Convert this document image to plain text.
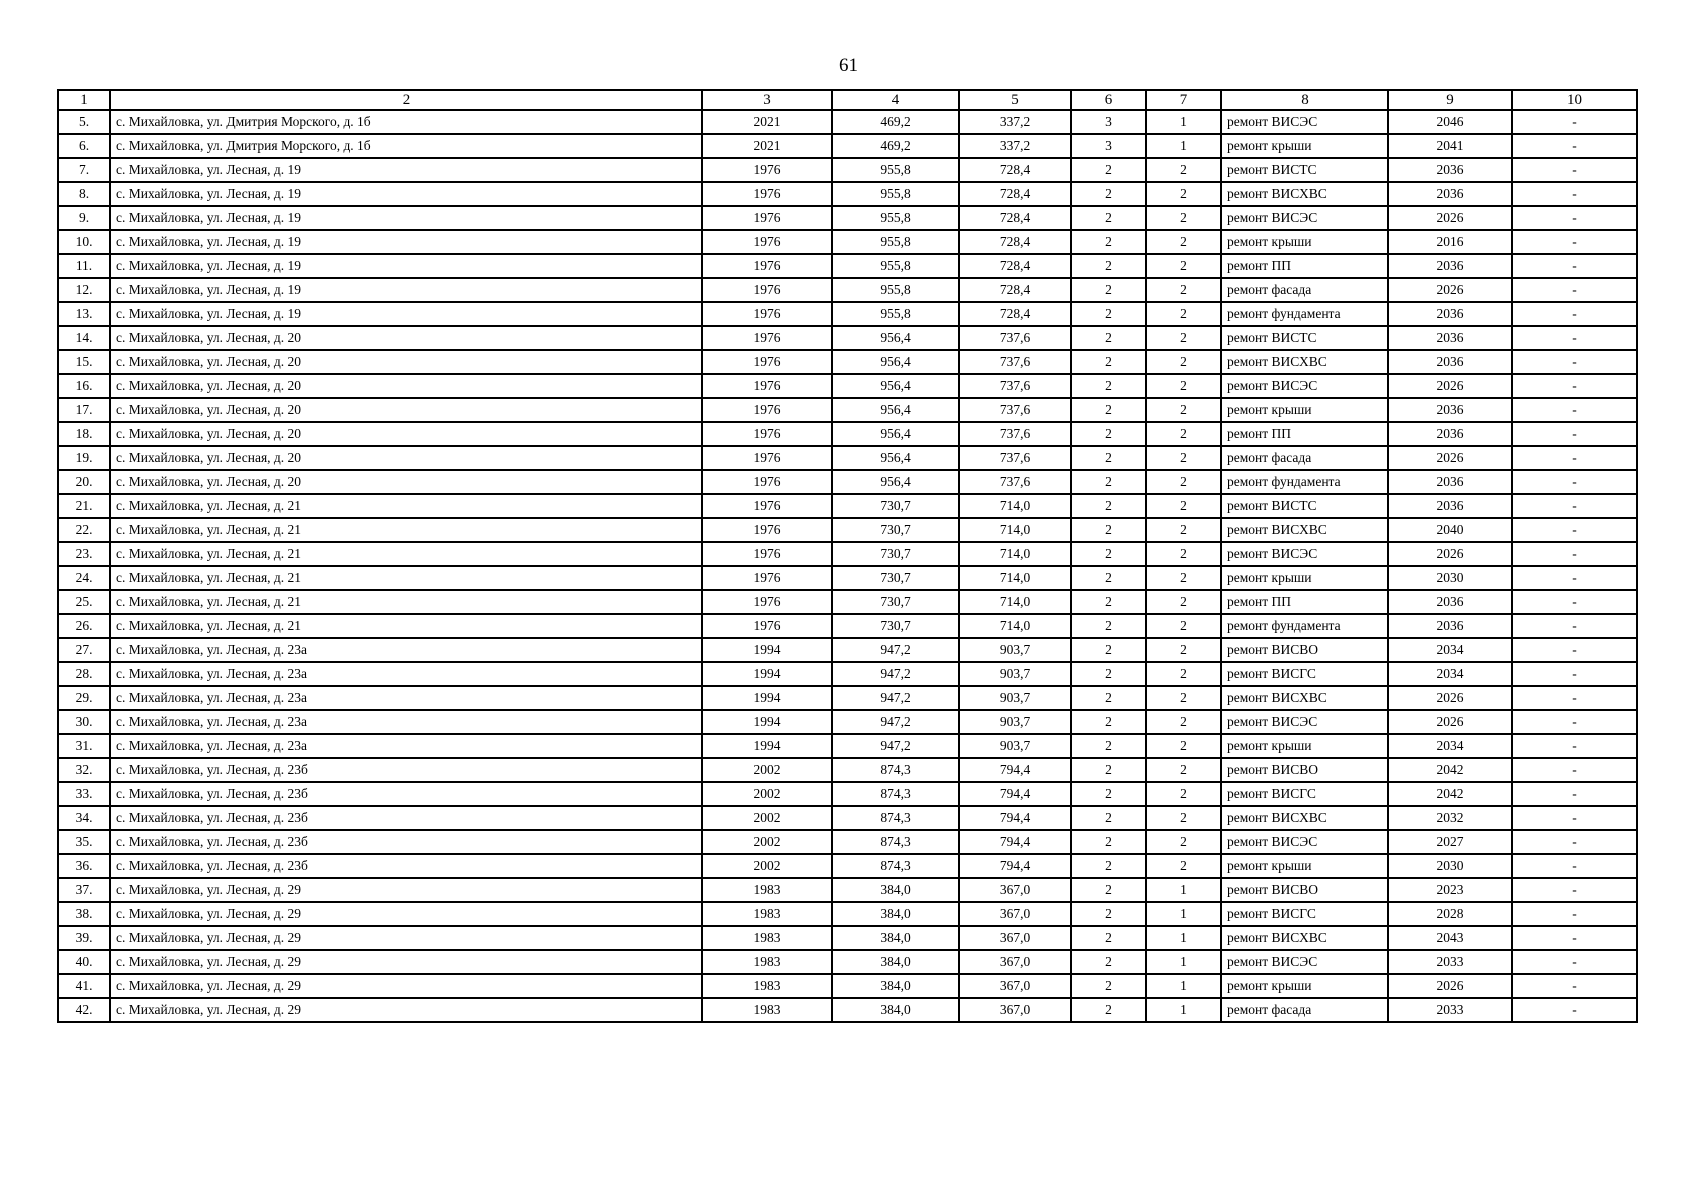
61
1	2	3	4	5	6	7	8	9	10
5.	с. Михайловка, ул. Дмитрия Морского, д. 1б	2021	469,2	337,2	3	1	ремонт ВИСЭС	2046	-
6.	с. Михайловка, ул. Дмитрия Морского, д. 1б	2021	469,2	337,2	3	1	ремонт крыши	2041	-
7.	с. Михайловка, ул. Лесная, д. 19	1976	955,8	728,4	2	2	ремонт ВИСТС	2036	-
8.	с. Михайловка, ул. Лесная, д. 19	1976	955,8	728,4	2	2	ремонт ВИСХВС	2036	-
9.	с. Михайловка, ул. Лесная, д. 19	1976	955,8	728,4	2	2	ремонт ВИСЭС	2026	-
10.	с. Михайловка, ул. Лесная, д. 19	1976	955,8	728,4	2	2	ремонт крыши	2016	-
11.	с. Михайловка, ул. Лесная, д. 19	1976	955,8	728,4	2	2	ремонт ПП	2036	-
12.	с. Михайловка, ул. Лесная, д. 19	1976	955,8	728,4	2	2	ремонт фасада	2026	-
13.	с. Михайловка, ул. Лесная, д. 19	1976	955,8	728,4	2	2	ремонт фундамента	2036	-
14.	с. Михайловка, ул. Лесная, д. 20	1976	956,4	737,6	2	2	ремонт ВИСТС	2036	-
15.	с. Михайловка, ул. Лесная, д. 20	1976	956,4	737,6	2	2	ремонт ВИСХВС	2036	-
16.	с. Михайловка, ул. Лесная, д. 20	1976	956,4	737,6	2	2	ремонт ВИСЭС	2026	-
17.	с. Михайловка, ул. Лесная, д. 20	1976	956,4	737,6	2	2	ремонт крыши	2036	-
18.	с. Михайловка, ул. Лесная, д. 20	1976	956,4	737,6	2	2	ремонт ПП	2036	-
19.	с. Михайловка, ул. Лесная, д. 20	1976	956,4	737,6	2	2	ремонт фасада	2026	-
20.	с. Михайловка, ул. Лесная, д. 20	1976	956,4	737,6	2	2	ремонт фундамента	2036	-
21.	с. Михайловка, ул. Лесная, д. 21	1976	730,7	714,0	2	2	ремонт ВИСТС	2036	-
22.	с. Михайловка, ул. Лесная, д. 21	1976	730,7	714,0	2	2	ремонт ВИСХВС	2040	-
23.	с. Михайловка, ул. Лесная, д. 21	1976	730,7	714,0	2	2	ремонт ВИСЭС	2026	-
24.	с. Михайловка, ул. Лесная, д. 21	1976	730,7	714,0	2	2	ремонт крыши	2030	-
25.	с. Михайловка, ул. Лесная, д. 21	1976	730,7	714,0	2	2	ремонт ПП	2036	-
26.	с. Михайловка, ул. Лесная, д. 21	1976	730,7	714,0	2	2	ремонт фундамента	2036	-
27.	с. Михайловка, ул. Лесная, д. 23а	1994	947,2	903,7	2	2	ремонт ВИСВО	2034	-
28.	с. Михайловка, ул. Лесная, д. 23а	1994	947,2	903,7	2	2	ремонт ВИСГС	2034	-
29.	с. Михайловка, ул. Лесная, д. 23а	1994	947,2	903,7	2	2	ремонт ВИСХВС	2026	-
30.	с. Михайловка, ул. Лесная, д. 23а	1994	947,2	903,7	2	2	ремонт ВИСЭС	2026	-
31.	с. Михайловка, ул. Лесная, д. 23а	1994	947,2	903,7	2	2	ремонт крыши	2034	-
32.	с. Михайловка, ул. Лесная, д. 23б	2002	874,3	794,4	2	2	ремонт ВИСВО	2042	-
33.	с. Михайловка, ул. Лесная, д. 23б	2002	874,3	794,4	2	2	ремонт ВИСГС	2042	-
34.	с. Михайловка, ул. Лесная, д. 23б	2002	874,3	794,4	2	2	ремонт ВИСХВС	2032	-
35.	с. Михайловка, ул. Лесная, д. 23б	2002	874,3	794,4	2	2	ремонт ВИСЭС	2027	-
36.	с. Михайловка, ул. Лесная, д. 23б	2002	874,3	794,4	2	2	ремонт крыши	2030	-
37.	с. Михайловка, ул. Лесная, д. 29	1983	384,0	367,0	2	1	ремонт ВИСВО	2023	-
38.	с. Михайловка, ул. Лесная, д. 29	1983	384,0	367,0	2	1	ремонт ВИСГС	2028	-
39.	с. Михайловка, ул. Лесная, д. 29	1983	384,0	367,0	2	1	ремонт ВИСХВС	2043	-
40.	с. Михайловка, ул. Лесная, д. 29	1983	384,0	367,0	2	1	ремонт ВИСЭС	2033	-
41.	с. Михайловка, ул. Лесная, д. 29	1983	384,0	367,0	2	1	ремонт крыши	2026	-
42.	с. Михайловка, ул. Лесная, д. 29	1983	384,0	367,0	2	1	ремонт фасада	2033	-
